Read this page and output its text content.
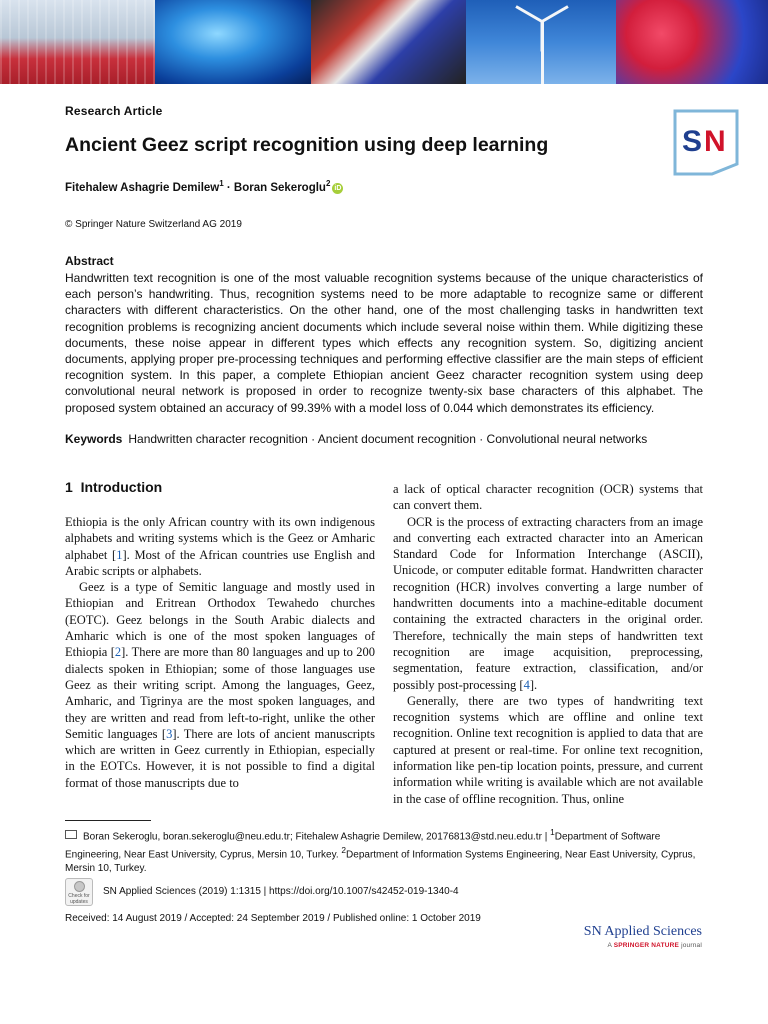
Research Article
Ancient Geez script recognition using deep learning
Fitehalew Ashagrie Demilew$^1$ · Boran Sekeroglu$^2$iD
© Springer Nature Switzerland AG 2019
Abstract

Handwritten text recognition is one of the most valuable recognition systems because of the unique characteristics of each person’s handwriting. Thus, recognition systems need to be more adaptable to recognize same or different characters with different characteristics. On the other hand, one of the most challenging tasks in handwritten text recognition problems is recognizing ancient documents which include several noise within them. While digitizing these documents, these noise appear in different types which effects any recognition system. So, digitizing ancient documents, applying proper pre-processing techniques and performing effective classifier are the main steps of efficient recognition system. In this paper, a complete Ethiopian ancient Geez character recognition system using deep convolutional neural network is proposed in order to recognize twenty-six base characters of this alphabet. The proposed system obtained an accuracy of 99.39% with a model loss of 0.044 which demonstrates its efficiency.

Keywords Handwritten character recognition · Ancient document recognition · Convolutional neural networks
S N
1 Introduction

Ethiopia is the only African country with its own indigenous alphabets and writing systems which is the Geez or Amharic alphabet [1]. Most of the African countries use English and Arabic scripts or alphabets.

Geez is a type of Semitic language and mostly used in Ethiopian and Eritrean Orthodox Tewahedo churches (EOTC). Geez belongs in the South Arabic dialects and Amharic which is one of the most spoken languages of Ethiopia [2]. There are more than 80 languages and up to 200 dialects spoken in Ethiopian; some of those languages use Geez as their writing script. Among the languages, Geez, Amharic, and Tigrinya are the most spoken languages, and they are written and read from left-to-right, unlike the other Semitic languages [3]. There are lots of ancient manuscripts which are written in Geez currently in Ethiopian, especially in the EOTCs. However, it is not possible to find a digital format of those manuscripts due to

a lack of optical character recognition (OCR) systems that can convert them.

OCR is the process of extracting characters from an image and converting each extracted character into an American Standard Code for Information Interchange (ASCII), Unicode, or computer editable format. Handwritten character recognition (HCR) involves converting a large number of handwritten documents into a machine-editable document containing the extracted characters in the original order. Therefore, technically the main steps of handwritten text recognition are image acquisition, preprocessing, segmentation, feature extraction, classification, and/or possibly post-processing [4].

Generally, there are two types of handwriting text recognition systems which are offline and online text recognition. Online text recognition is applied to data that are captured at present or real-time. For online text recognition, information like pen-tip location points, pressure, and current information while writing is available which are not available in the case of offline recognition. Thus, online

Boran Sekeroglu, boran.sekeroglu@neu.edu.tr; Fitehalew Ashagrie Demilew, 20176813@std.neu.edu.tr | $^1$Department of Software Engineering, Near East University, Cyprus, Mersin 10, Turkey. $^2$Department of Information Systems Engineering, Near East University, Cyprus, Mersin 10, Turkey.
Check for
updates
SN Applied Sciences (2019) 1:1315 | https://doi.org/10.1007/s42452-019-1340-4
Received: 14 August 2019 / Accepted: 24 September 2019 / Published online: 1 October 2019
SN Applied Sciences
A SPRINGER NATURE journal
